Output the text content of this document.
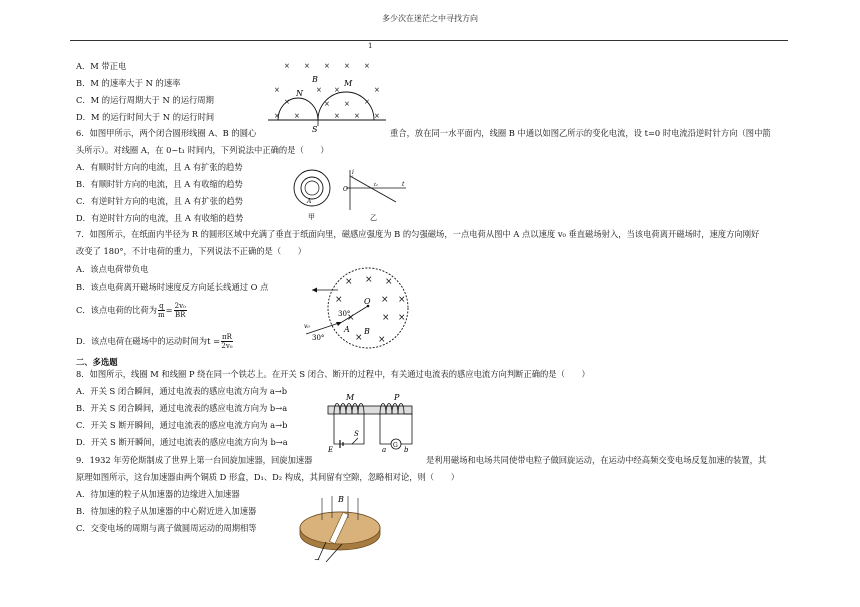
多少次在迷茫之中寻找方向
1
A．M 带正电
B．M 的速率大于 N 的速率
C．M 的运行周期大于 N 的运行周期
D．M 的运行时间大于 N 的运行时间
× × × × ×
×	× ×	×
×	× × ×
× ×	× × ×
B	M
N
S
6．如图甲所示，两个闭合圆形线圈 A、B 的圆心	重合，放在同一水平面内，线圈 B 中通以如图乙所示的变化电流，设 t=0 时电流沿逆时针方向（图中箭
头所示）。对线圈 A，在 0~t₁ 时间内，下列说法中正确的是（　　）
A．有顺时针方向的电流，且 A 有扩张的趋势
B．有顺时针方向的电流，且 A 有收缩的趋势
C．有逆时针方向的电流，且 A 有扩张的趋势
D．有逆时针方向的电流，且 A 有收缩的趋势
A
甲
i
O
t
t₁
乙
7．如图所示，在纸面内半径为 R 的圆形区域中充满了垂直于纸面向里，磁感应强度为 B 的匀强磁场，一点电荷从图中 A 点以速度 v₀ 垂直磁场射入，当该电荷离开磁场时，速度方向刚好
改变了 180°，不计电荷的重力，下列说法不正确的是（　　）
A．该点电荷带负电
B．该点电荷离开磁场时速度反方向延长线通过 O 点
C．该点电荷的比荷为 $\frac{q}{m} = \frac{\text{2v₀}}{BR}$
D．该点电荷在磁场中的运动时间为$t = \frac{\pi R}{\text{2v₀}}$
× × ×
×	× ×
×	× ×
× ×
O
30°
30°
v₀	A B
二、多选题
8．如图所示，线圈 M 和线圈 P 绕在同一个铁芯上。在开关 S 闭合、断开的过程中，有关通过电流表的感应电流方向判断正确的是（　　）
A．开关 S 闭合瞬间，通过电流表的感应电流方向为 a→b
B．开关 S 闭合瞬间，通过电流表的感应电流方向为 b→a
C．开关 S 断开瞬间，通过电流表的感应电流方向为 a→b
D．开关 S 断开瞬间，通过电流表的感应电流方向为 b→a
M	P
E
S
G
a	b
9．1932 年劳伦斯制成了世界上第一台回旋加速器，回旋加速器	是利用磁场和电场共同使带电粒子做回旋运动，在运动中经高频交变电场反复加速的装置，其
原理如图所示，这台加速器由两个铜质 D 形盒，D₁、D₂ 构成，其间留有空隙，忽略相对论，则（　　）
A．待加速的粒子从加速器的边缘进入加速器
B．待加速的粒子从加速器的中心附近进入加速器
C．交变电场的周期与离子做圆周运动的周期相等
B
~
